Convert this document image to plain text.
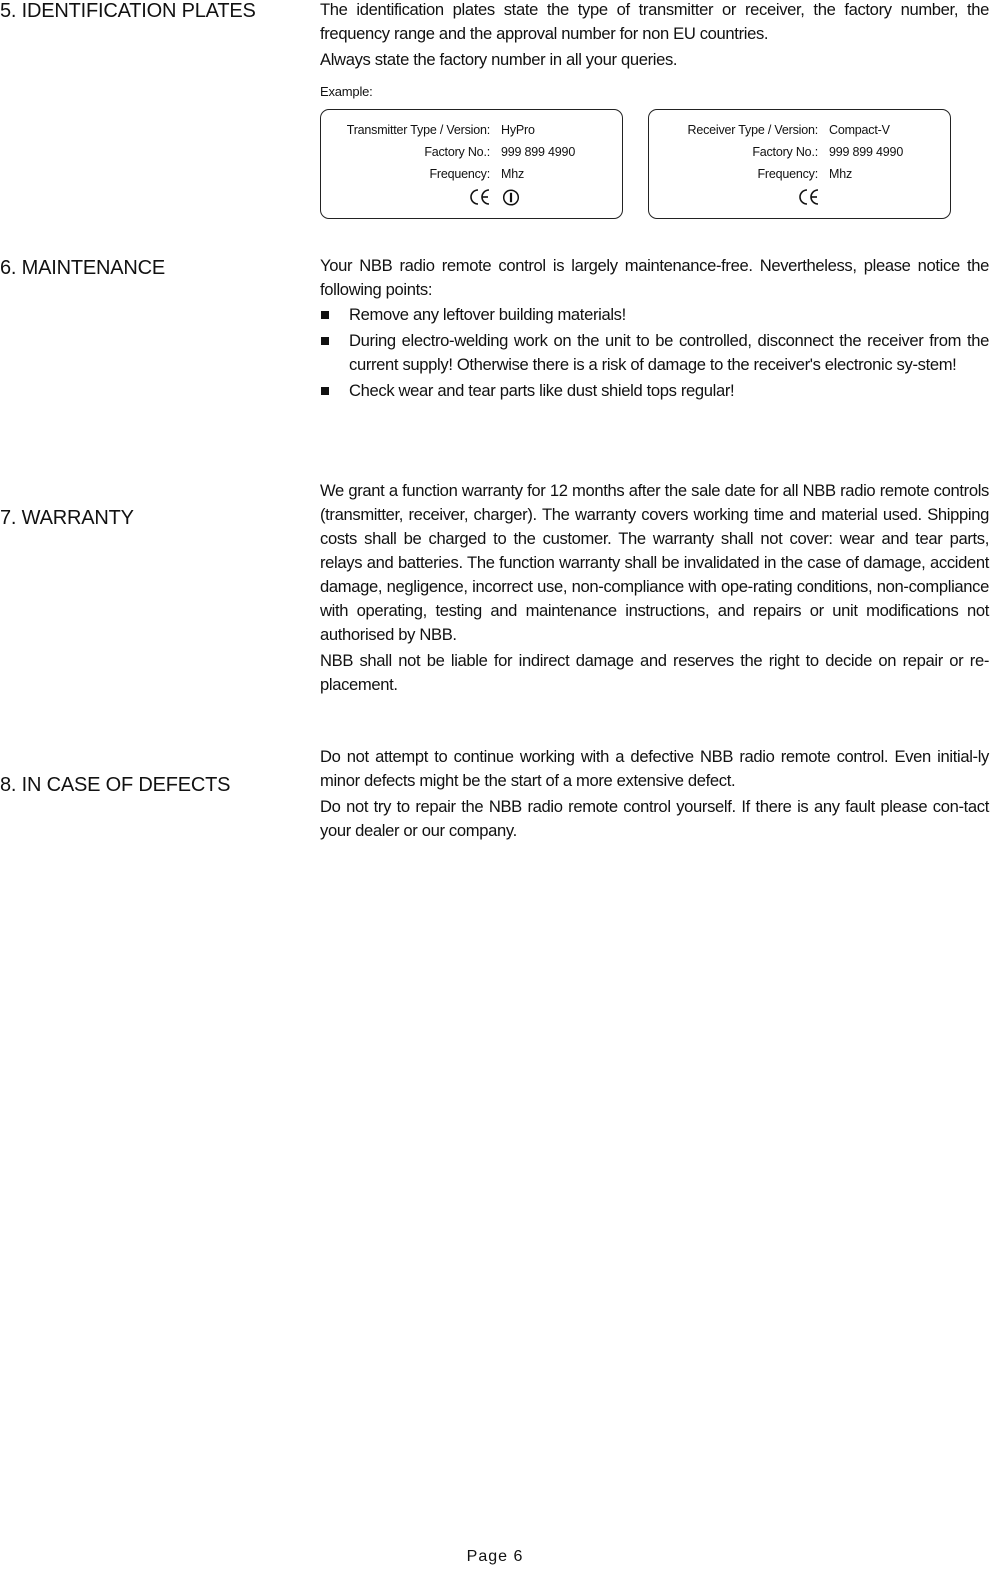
5. IDENTIFICATION PLATES	The identification plates state the type of transmitter or receiver, the factory number, the frequency range and the approval number for non EU countries.

Always state the factory number in all your queries.

Example:
Transmitter Type / Version: HyPro
Factory No.: 999 899 4990
Frequency: Mhz
Receiver Type / Version: Compact-V
Factory No.: 999 899 4990
Frequency: Mhz
6. MAINTENANCE	Your NBB radio remote control is largely maintenance-free. Nevertheless, please notice the following points:

Remove any leftover building materials!
During electro-welding work on the unit to be controlled, disconnect the receiver from the current supply! Otherwise there is a risk of damage to the receiver's electronic sy-stem!
Check wear and tear parts like dust shield tops regular!
7. WARRANTY

We grant a function warranty for 12 months after the sale date for all NBB radio remote controls (transmitter, receiver, charger). The warranty covers working time and material used. Shipping costs shall be charged to the customer. The warranty shall not cover: wear and tear parts, relays and batteries. The function warranty shall be invalidated in the case of damage, accident damage, negligence, incorrect use, non-compliance with ope-rating conditions, non-compliance with operating, testing and maintenance instructions, and repairs or unit modifications not authorised by NBB.

NBB shall not be liable for indirect damage and reserves the right to decide on repair or re-placement.

8. IN CASE OF DEFECTS

Do not attempt to continue working with a defective NBB radio remote control. Even initial-ly minor defects might be the start of a more extensive defect.

Do not try to repair the NBB radio remote control yourself. If there is any fault please con-tact your dealer or our company.

Page 6
